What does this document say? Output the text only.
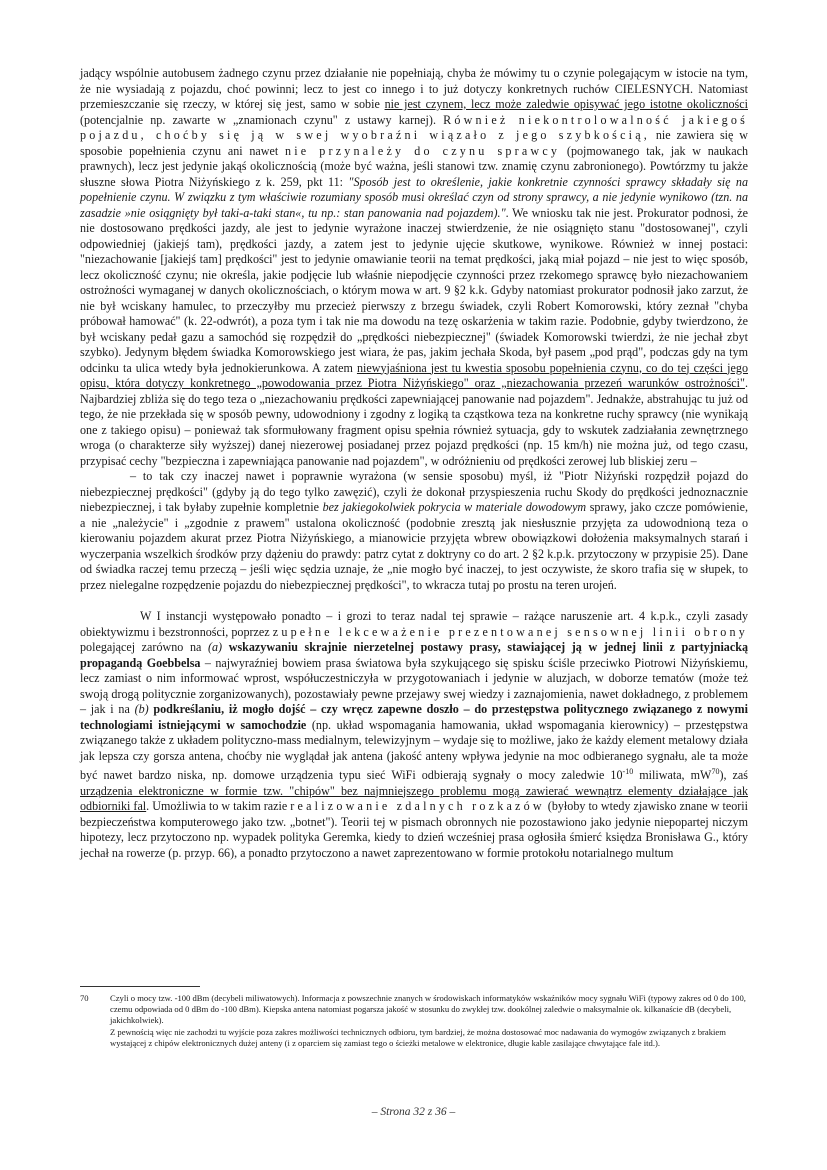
jadący wspólnie autobusem żadnego czynu przez działanie nie popełniają, chyba że mówimy tu o czynie polegającym w istocie na tym, że nie wysiadają z pojazdu, choć powinni; lecz to jest co innego i to już dotyczy konkretnych ruchów CIELESNYCH. Natomiast przemieszczanie się rzeczy, w której się jest, samo w sobie nie jest czynem, lecz może zaledwie opisywać jego istotne okoliczności (potencjalnie np. zawarte w „znamionach czynu" z ustawy karnej). Również niekontrolowalność jakiegoś pojazdu, choćby się ją w swej wyobraźni wiązało z jego szybkością, nie zawiera się w sposobie popełnienia czynu ani nawet nie przynależy do czynu sprawcy (pojmowanego tak, jak w naukach prawnych), lecz jest jedynie jakąś okolicznością (może być ważna, jeśli stanowi tzw. znamię czynu zabronionego). Powtórzmy tu jakże słuszne słowa Piotra Niżyńskiego z k. 259, pkt 11: "Sposób jest to określenie, jakie konkretnie czynności sprawcy składały się na popełnienie czynu. W związku z tym właściwie rozumiany sposób musi określać czyn od strony sprawcy, a nie jedynie wynikowo (tzn. na zasadzie »nie osiągnięty był taki-a-taki stan«, tu np.: stan panowania nad pojazdem).". We wniosku tak nie jest. Prokurator podnosi, że nie dostosowano prędkości jazdy, ale jest to jedynie wyrażone inaczej stwierdzenie, że nie osiągnięto stanu "dostosowanej", czyli odpowiedniej (jakiejś tam), prędkości jazdy, a zatem jest to jedynie ujęcie skutkowe, wynikowe. Również w innej postaci: "niezachowanie [jakiejś tam] prędkości" jest to jedynie omawianie teorii na temat prędkości, jaką miał pojazd – nie jest to więc sposób, lecz okoliczność czynu; nie określa, jakie podjęcie lub właśnie niepodjęcie czynności przez rzekomego sprawcę było niezachowaniem ostrożności wymaganej w danych okolicznościach, o którym mowa w art. 9 §2 k.k. Gdyby natomiast prokurator podnosił jako zarzut, że nie był wciskany hamulec, to przeczyłby mu przecież pierwszy z brzegu świadek, czyli Robert Komorowski, który zeznał "chyba próbował hamować" (k. 22-odwrót), a poza tym i tak nie ma dowodu na tezę oskarżenia w takim razie. Podobnie, gdyby twierdzono, że był wciskany pedał gazu a samochód się rozpędził do „prędkości niebezpiecznej" (świadek Komorowski twierdzi, że nie jechał zbyt szybko). Jedynym błędem świadka Komorowskiego jest wiara, że pas, jakim jechała Skoda, był pasem „pod prąd", podczas gdy na tym odcinku ta ulica wtedy była jednokierunkowa. A zatem niewyjaśniona jest tu kwestia sposobu popełnienia czynu, co do tej części jego opisu, która dotyczy konkretnego „powodowania przez Piotra Niżyńskiego" oraz „niezachowania przezeń warunków ostrożności". Najbardziej zbliża się do tego teza o „niezachowaniu prędkości zapewniającej panowanie nad pojazdem". Jednakże, abstrahując tu już od tego, że nie przekłada się w sposób pewny, udowodniony i zgodny z logiką ta cząstkowa teza na konkretne ruchy sprawcy (nie wynikają one z takiego opisu) – ponieważ tak sformułowany fragment opisu spełnia również sytuacja, gdy to wskutek zadziałania zewnętrznego wroga (o charakterze siły wyższej) danej niezerowej posiadanej przez pojazd prędkości (np. 15 km/h) nie można już, od tego czasu, przypisać cechy "bezpieczna i zapewniająca panowanie nad pojazdem", w odróżnieniu od prędkości zerowej lub bliskiej zeru –

– to tak czy inaczej nawet i poprawnie wyrażona (w sensie sposobu) myśl, iż "Piotr Niżyński rozpędził pojazd do niebezpiecznej prędkości" (gdyby ją do tego tylko zawęzić), czyli że dokonał przyspieszenia ruchu Skody do prędkości jednoznacznie niebezpiecznej, i tak byłaby zupełnie kompletnie bez jakiegokolwiek pokrycia w materiale dowodowym sprawy, jako czcze pomówienie, a nie „należycie" i „zgodnie z prawem" ustalona okoliczność (podobnie zresztą jak niesłusznie przyjęta za udowodnioną teza o kierowaniu pojazdem akurat przez Piotra Niżyńskiego, a mianowicie przyjęta wbrew obowiązkowi dołożenia maksymalnych starań i wyczerpania wszelkich środków przy dążeniu do prawdy: patrz cytat z doktryny co do art. 2 §2 k.p.k. przytoczony w przypisie 25). Dane od świadka raczej temu przeczą – jeśli więc sędzia uznaje, że „nie mogło być inaczej, to jest oczywiste, że skoro trafia się w słupek, to przez nielegalne rozpędzenie pojazdu do niebezpiecznej prędkości", to wkracza tutaj po prostu na teren urojeń.

W I instancji występowało ponadto – i grozi to teraz nadal tej sprawie – rażące naruszenie art. 4 k.p.k., czyli zasady obiektywizmu i bezstronności, poprzez zupełne lekceważenie prezentowanej sensownej linii obrony polegającej zarówno na (a) wskazywaniu skrajnie nierzetelnej postawy prasy, stawiającej ją w jednej linii z partyjniacką propagandą Goebbelsa – najwyraźniej bowiem prasa światowa była szykującego się spisku ściśle przeciwko Piotrowi Niżyńskiemu, lecz zamiast o nim informować wprost, współuczestniczyła w przygotowaniach i jedynie w aluzjach, w doborze tematów (może też swoją drogą politycznie zorganizowanych), pozostawiały pewne przejawy swej wiedzy i zaznajomienia, nawet dokładnego, z problemem – jak i na (b) podkreślaniu, iż mogło dojść – czy wręcz zapewne doszło – do przestępstwa politycznego związanego z nowymi technologiami istniejącymi w samochodzie (np. układ wspomagania hamowania, układ wspomagania kierownicy) – przestępstwa związanego także z układem polityczno-mass medialnym, telewizyjnym – wydaje się to możliwe, jako że każdy element metalowy działa jak lepsza czy gorsza antena, choćby nie wyglądał jak antena (jakość anteny wpływa jedynie na moc odbieranego sygnału, ale ta może być nawet bardzo niska, np. domowe urządzenia typu sieć WiFi odbierają sygnały o mocy zaledwie $10^{-10}$ miliwata, $mW^{70}$), zaś urządzenia elektroniczne w formie tzw. "chipów" bez najmniejszego problemu mogą zawierać wewnątrz elementy działające jak odbiorniki fal. Umożliwia to w takim razie realizowanie zdalnych rozkazów (byłoby to wtedy zjawisko znane w teorii bezpieczeństwa komputerowego jako tzw. „botnet"). Teorii tej w pismach obronnych nie pozostawiono jako jedynie niepopartej niczym hipotezy, lecz przytoczono np. wypadek polityka Geremka, kiedy to dzień wcześniej prasa ogłosiła śmierć księdza Bronisława G., który jechał na rowerze (p. przyp. 66), a ponadto przytoczono a nawet zaprezentowano w formie protokołu notarialnego multum

70	Czyli o mocy tzw. -100 dBm (decybeli miliwatowych). Informacja z powszechnie znanych w środowiskach informatyków wskaźników mocy sygnału WiFi (typowy zakres od 0 do 100, czemu odpowiada od 0 dBm do -100 dBm). Kiepska antena natomiast pogarsza jakość w stosunku do zwykłej tzw. dookólnej zaledwie o maksymalnie ok. kilkanaście dB (decybeli, jakichkolwiek).
Z pewnością więc nie zachodzi tu wyjście poza zakres możliwości technicznych odbioru, tym bardziej, że można dostosować moc nadawania do wymogów związanych z brakiem wystającej z chipów elektronicznych dużej anteny (i z oparciem się zamiast tego o ścieżki metalowe w elektronice, długie kable zasilające chwytające fale itd.).
– Strona 32 z 36 –
